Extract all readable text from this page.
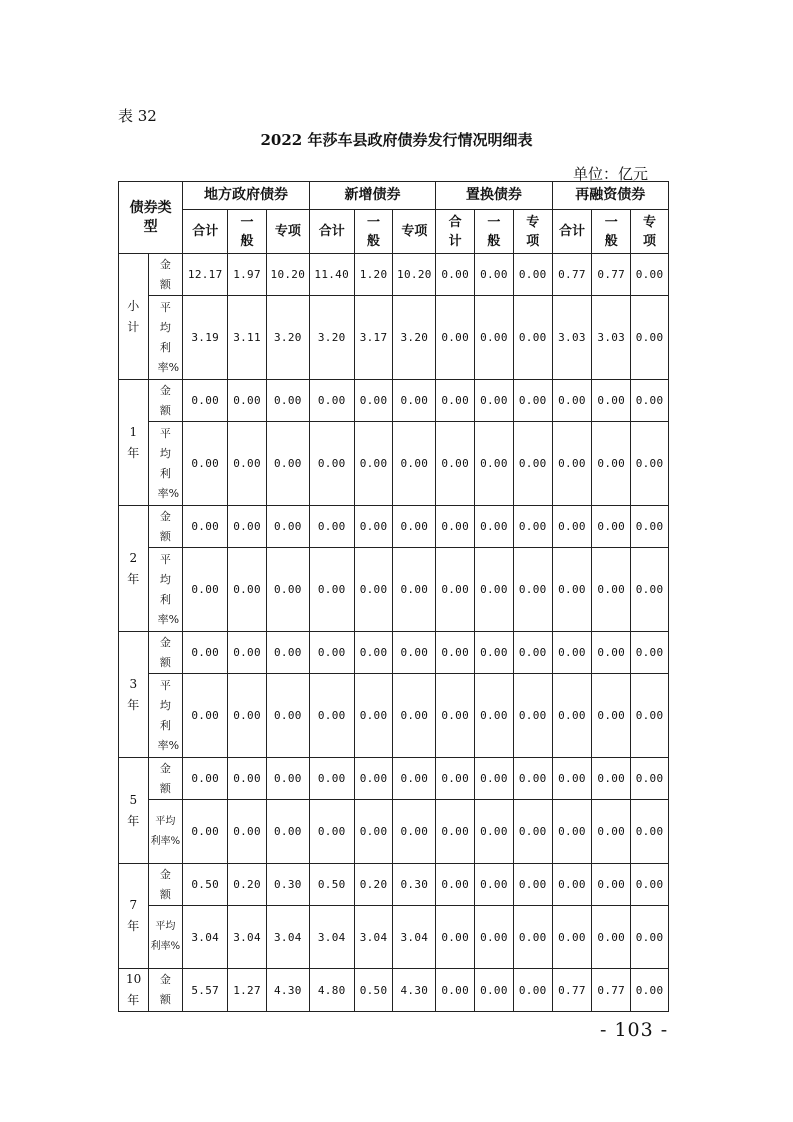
表 32
2022 年莎车县政府债券发行情况明细表
单位：亿元
债券类型		地方政府债券			新增债券			置换债券			再融资债券		
		合计	一般	专项	合计	一般	专项	合计	一般	专项	合计	一般	专项
小计	金额	12.17	1.97	10.20	11.40	1.20	10.20	0.00	0.00	0.00	0.77	0.77	0.00
	平均利率%	3.19	3.11	3.20	3.20	3.17	3.20	0.00	0.00	0.00	3.03	3.03	0.00
1年	金额	0.00	0.00	0.00	0.00	0.00	0.00	0.00	0.00	0.00	0.00	0.00	0.00
	平均利率%	0.00	0.00	0.00	0.00	0.00	0.00	0.00	0.00	0.00	0.00	0.00	0.00
2年	金额	0.00	0.00	0.00	0.00	0.00	0.00	0.00	0.00	0.00	0.00	0.00	0.00
	平均利率%	0.00	0.00	0.00	0.00	0.00	0.00	0.00	0.00	0.00	0.00	0.00	0.00
3年	金额	0.00	0.00	0.00	0.00	0.00	0.00	0.00	0.00	0.00	0.00	0.00	0.00
	平均利率%	0.00	0.00	0.00	0.00	0.00	0.00	0.00	0.00	0.00	0.00	0.00	0.00
5年	金额	0.00	0.00	0.00	0.00	0.00	0.00	0.00	0.00	0.00	0.00	0.00	0.00
	平均利率%	0.00	0.00	0.00	0.00	0.00	0.00	0.00	0.00	0.00	0.00	0.00	0.00
7年	金额	0.50	0.20	0.30	0.50	0.20	0.30	0.00	0.00	0.00	0.00	0.00	0.00
	平均利率%	3.04	3.04	3.04	3.04	3.04	3.04	0.00	0.00	0.00	0.00	0.00	0.00
10年	金额	5.57	1.27	4.30	4.80	0.50	4.30	0.00	0.00	0.00	0.77	0.77	0.00
- 103 -
